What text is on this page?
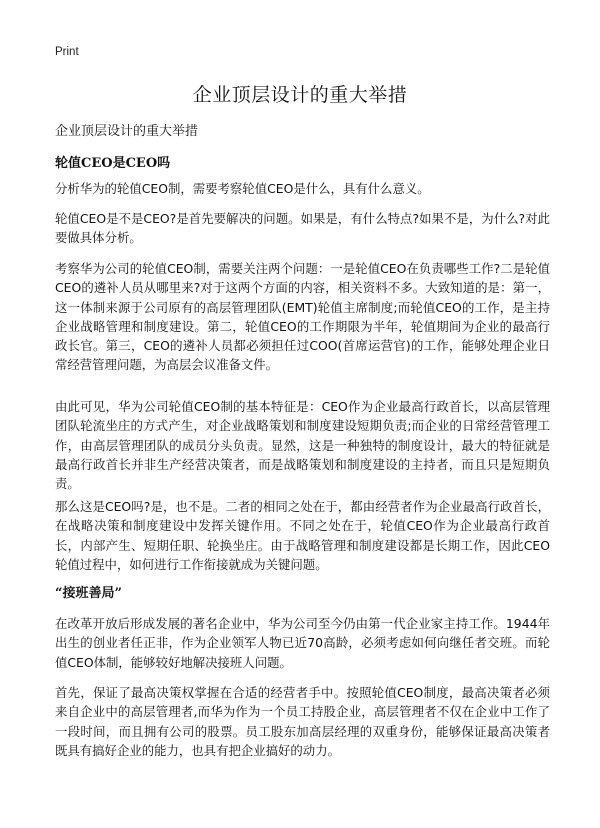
Print
企业顶层设计的重大举措

企业顶层设计的重大举措

轮值CEO是CEO吗

分析华为的轮值CEO制，需要考察轮值CEO是什么，具有什么意义。

轮值CEO是不是CEO?是首先要解决的问题。如果是，有什么特点?如果不是，为什么?对此要做具体分析。

考察华为公司的轮值CEO制，需要关注两个问题：一是轮值CEO在负责哪些工作?二是轮值CEO的遴补人员从哪里来?对于这两个方面的内容，相关资料不多。大致知道的是：第一，这一体制来源于公司原有的高层管理团队(EMT)轮值主席制度;而轮值CEO的工作，是主持企业战略管理和制度建设。第二，轮值CEO的工作期限为半年，轮值期间为企业的最高行政长官。第三，CEO的遴补人员都必须担任过COO(首席运营官)的工作，能够处理企业日常经营管理问题，为高层会议准备文件。

由此可见，华为公司轮值CEO制的基本特征是：CEO作为企业最高行政首长，以高层管理团队轮流坐庄的方式产生，对企业战略策划和制度建设短期负责;而企业的日常经营管理工作，由高层管理团队的成员分头负责。显然，这是一种独特的制度设计，最大的特征就是最高行政首长并非生产经营决策者，而是战略策划和制度建设的主持者，而且只是短期负责。

那么这是CEO吗?是，也不是。二者的相同之处在于，都由经营者作为企业最高行政首长，在战略决策和制度建设中发挥关键作用。不同之处在于，轮值CEO作为企业最高行政首长，内部产生、短期任职、轮换坐庄。由于战略管理和制度建设都是长期工作，因此CEO轮值过程中，如何进行工作衔接就成为关键问题。

“接班善局”

在改革开放后形成发展的著名企业中，华为公司至今仍由第一代企业家主持工作。1944年出生的创业者任正非，作为企业领军人物已近70高龄，必须考虑如何向继任者交班。而轮值CEO体制，能够较好地解决接班人问题。

首先，保证了最高决策权掌握在合适的经营者手中。按照轮值CEO制度，最高决策者必须来自企业中的高层管理者,而华为作为一个员工持股企业，高层管理者不仅在企业中工作了一段时间，而且拥有公司的股票。员工股东加高层经理的双重身份，能够保证最高决策者既具有搞好企业的能力，也具有把企业搞好的动力。
